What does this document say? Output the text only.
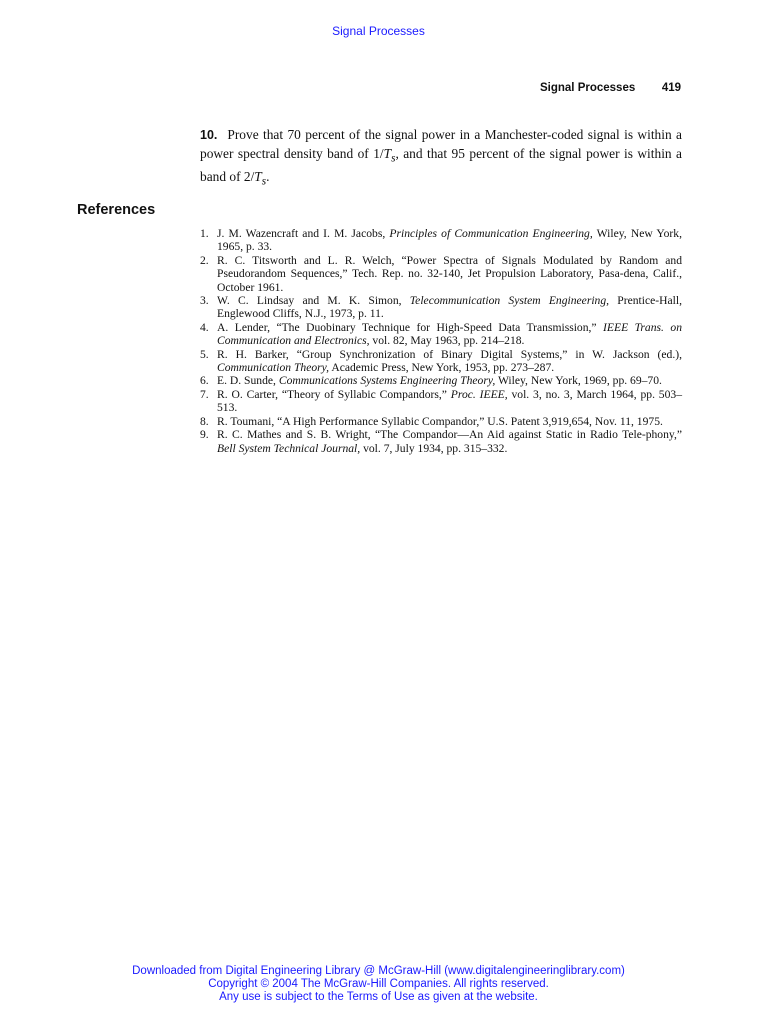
Signal Processes
Signal Processes 419
10. Prove that 70 percent of the signal power in a Manchester-coded signal is within a power spectral density band of $1/T_s$, and that 95 percent of the signal power is within a band of $2/T_s$.
References
1. J. M. Wazencraft and I. M. Jacobs, Principles of Communication Engineering, Wiley, New York, 1965, p. 33.
2. R. C. Titsworth and L. R. Welch, “Power Spectra of Signals Modulated by Random and Pseudorandom Sequences,” Tech. Rep. no. 32-140, Jet Propulsion Laboratory, Pasa-dena, Calif., October 1961.
3. W. C. Lindsay and M. K. Simon, Telecommunication System Engineering, Prentice-Hall, Englewood Cliffs, N.J., 1973, p. 11.
4. A. Lender, “The Duobinary Technique for High-Speed Data Transmission,” IEEE Trans. on Communication and Electronics, vol. 82, May 1963, pp. 214–218.
5. R. H. Barker, “Group Synchronization of Binary Digital Systems,” in W. Jackson (ed.), Communication Theory, Academic Press, New York, 1953, pp. 273–287.
6. E. D. Sunde, Communications Systems Engineering Theory, Wiley, New York, 1969, pp. 69–70.
7. R. O. Carter, “Theory of Syllabic Compandors,” Proc. IEEE, vol. 3, no. 3, March 1964, pp. 503–513.
8. R. Toumani, “A High Performance Syllabic Compandor,” U.S. Patent 3,919,654, Nov. 11, 1975.
9. R. C. Mathes and S. B. Wright, “The Compandor—An Aid against Static in Radio Tele-phony,” Bell System Technical Journal, vol. 7, July 1934, pp. 315–332.
Downloaded from Digital Engineering Library @ McGraw-Hill (www.digitalengineeringlibrary.com)
Copyright © 2004 The McGraw-Hill Companies. All rights reserved.
Any use is subject to the Terms of Use as given at the website.
